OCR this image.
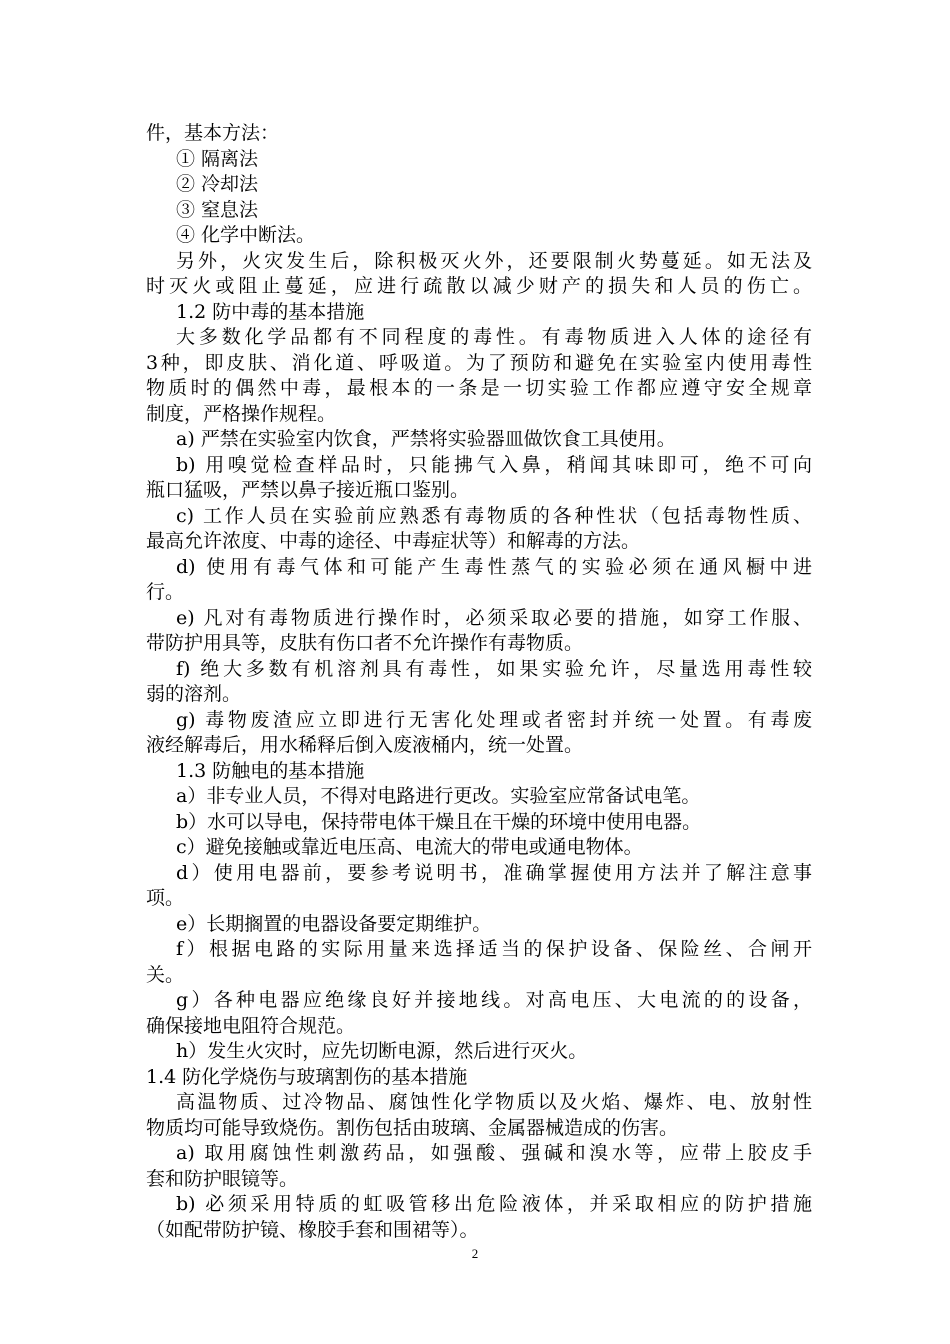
件，基本方法：
① 隔离法
② 冷却法
③ 窒息法
④ 化学中断法。
另外，火灾发生后，除积极灭火外，还要限制火势蔓延。如无法及
时灭火或阻止蔓延，应进行疏散以减少财产的损失和人员的伤亡。
1.2 防中毒的基本措施
大多数化学品都有不同程度的毒性。有毒物质进入人体的途径有
3种，即皮肤、消化道、呼吸道。为了预防和避免在实验室内使用毒性
物质时的偶然中毒，最根本的一条是一切实验工作都应遵守安全规章
制度，严格操作规程。
a) 严禁在实验室内饮食，严禁将实验器皿做饮食工具使用。
b) 用嗅觉检查样品时，只能拂气入鼻，稍闻其味即可，绝不可向
瓶口猛吸，严禁以鼻子接近瓶口鉴别。
c) 工作人员在实验前应熟悉有毒物质的各种性状（包括毒物性质、
最高允许浓度、中毒的途径、中毒症状等）和解毒的方法。
d) 使用有毒气体和可能产生毒性蒸气的实验必须在通风橱中进
行。
e) 凡对有毒物质进行操作时，必须采取必要的措施，如穿工作服、
带防护用具等，皮肤有伤口者不允许操作有毒物质。
f) 绝大多数有机溶剂具有毒性，如果实验允许，尽量选用毒性较
弱的溶剂。
g) 毒物废渣应立即进行无害化处理或者密封并统一处置。有毒废
液经解毒后，用水稀释后倒入废液桶内，统一处置。
1.3 防触电的基本措施
a）非专业人员，不得对电路进行更改。实验室应常备试电笔。
b）水可以导电，保持带电体干燥且在干燥的环境中使用电器。
c）避免接触或靠近电压高、电流大的带电或通电物体。
d）使用电器前，要参考说明书，准确掌握使用方法并了解注意事
项。
e）长期搁置的电器设备要定期维护。
f）根据电路的实际用量来选择适当的保护设备、保险丝、合闸开
关。
g）各种电器应绝缘良好并接地线。对高电压、大电流的的设备，
确保接地电阻符合规范。
h）发生火灾时，应先切断电源，然后进行灭火。
1.4 防化学烧伤与玻璃割伤的基本措施
高温物质、过冷物品、腐蚀性化学物质以及火焰、爆炸、电、放射性
物质均可能导致烧伤。割伤包括由玻璃、金属器械造成的伤害。
a) 取用腐蚀性刺激药品，如强酸、强碱和溴水等，应带上胶皮手
套和防护眼镜等。
b) 必须采用特质的虹吸管移出危险液体，并采取相应的防护措施
（如配带防护镜、橡胶手套和围裙等）。
2
